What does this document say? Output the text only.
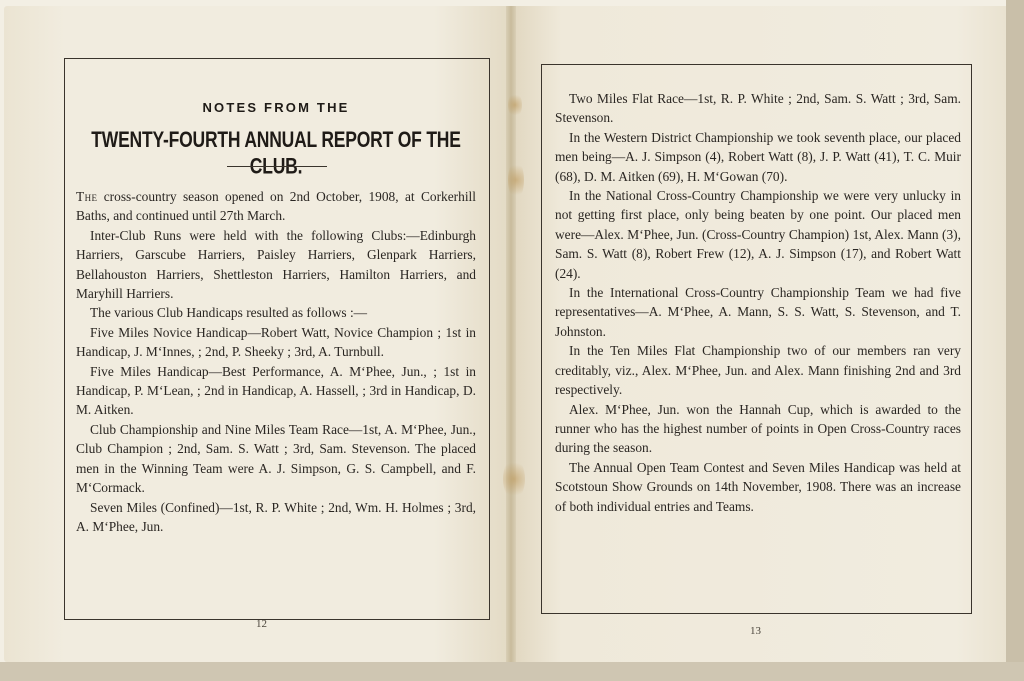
NOTES FROM THE
TWENTY-FOURTH ANNUAL REPORT OF THE CLUB.

The cross-country season opened on 2nd October, 1908, at Corkerhill Baths, and continued until 27th March.

Inter-Club Runs were held with the following Clubs:—Edinburgh Harriers, Garscube Harriers, Paisley Harriers, Glenpark Harriers, Bellahouston Harriers, Shettleston Harriers, Hamilton Harriers, and Maryhill Harriers.

The various Club Handicaps resulted as follows :—

Five Miles Novice Handicap—Robert Watt, Novice Champion ; 1st in Handicap, J. M‘Innes, ; 2nd, P. Sheeky ; 3rd, A. Turnbull.

Five Miles Handicap—Best Performance, A. M‘Phee, Jun., ; 1st in Handicap, P. M‘Lean, ; 2nd in Handicap, A. Hassell, ; 3rd in Handicap, D. M. Aitken.

Club Championship and Nine Miles Team Race—1st, A. M‘Phee, Jun., Club Champion ; 2nd, Sam. S. Watt ; 3rd, Sam. Stevenson. The placed men in the Winning Team were A. J. Simpson, G. S. Campbell, and F. M‘Cormack.

Seven Miles (Confined)—1st, R. P. White ; 2nd, Wm. H. Holmes ; 3rd, A. M‘Phee, Jun.

12

Two Miles Flat Race—1st, R. P. White ; 2nd, Sam. S. Watt ; 3rd, Sam. Stevenson.

In the Western District Championship we took seventh place, our placed men being—A. J. Simpson (4), Robert Watt (8), J. P. Watt (41), T. C. Muir (68), D. M. Aitken (69), H. M‘Gowan (70).

In the National Cross-Country Championship we were very unlucky in not getting first place, only being beaten by one point. Our placed men were—Alex. M‘Phee, Jun. (Cross-Country Champion) 1st, Alex. Mann (3), Sam. S. Watt (8), Robert Frew (12), A. J. Simpson (17), and Robert Watt (24).

In the International Cross-Country Championship Team we had five representatives—A. M‘Phee, A. Mann, S. S. Watt, S. Stevenson, and T. Johnston.

In the Ten Miles Flat Championship two of our members ran very creditably, viz., Alex. M‘Phee, Jun. and Alex. Mann finishing 2nd and 3rd respectively.

Alex. M‘Phee, Jun. won the Hannah Cup, which is awarded to the runner who has the highest number of points in Open Cross-Country races during the season.

The Annual Open Team Contest and Seven Miles Handicap was held at Scotstoun Show Grounds on 14th November, 1908. There was an increase of both individual entries and Teams.

13
